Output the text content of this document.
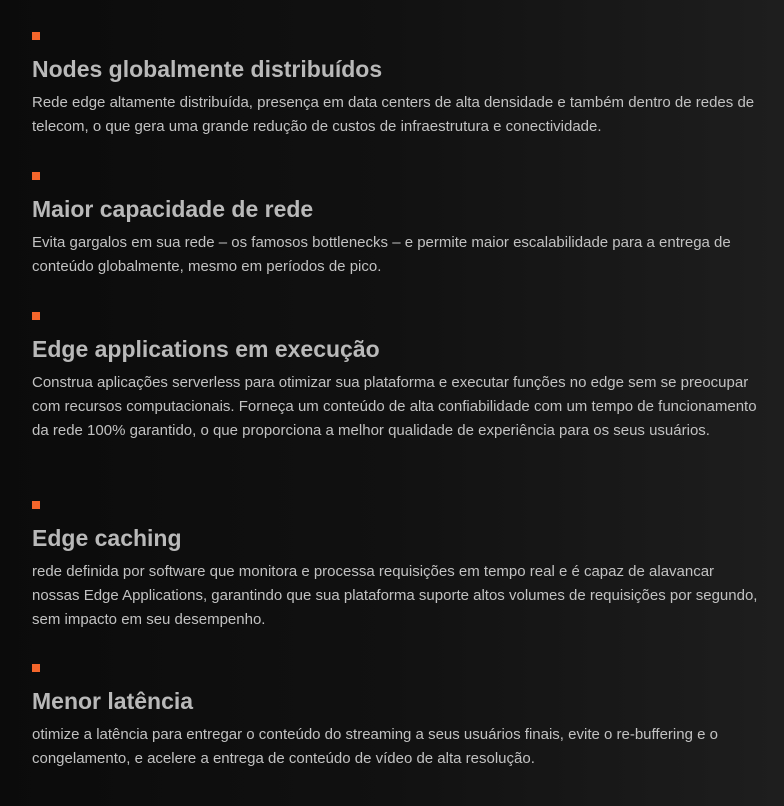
Nodes globalmente distribuídos

Rede edge altamente distribuída, presença em data centers de alta densidade e também dentro de redes de telecom, o que gera uma grande redução de custos de infraestrutura e conectividade.

Maior capacidade de rede

Evita gargalos em sua rede – os famosos bottlenecks – e permite maior escalabilidade para a entrega de conteúdo globalmente, mesmo em períodos de pico.

Edge applications em execução

Construa aplicações serverless para otimizar sua plataforma e executar funções no edge sem se preocupar com recursos computacionais. Forneça um conteúdo de alta confiabilidade com um tempo de funcionamento da rede 100% garantido, o que proporciona a melhor qualidade de experiência para os seus usuários.

Edge caching

rede definida por software que monitora e processa requisições em tempo real e é capaz de alavancar nossas Edge Applications, garantindo que sua plataforma suporte altos volumes de requisições por segundo, sem impacto em seu desempenho.

Menor latência

otimize a latência para entregar o conteúdo do streaming a seus usuários finais, evite o re-buffering e o congelamento, e acelere a entrega de conteúdo de vídeo de alta resolução.
